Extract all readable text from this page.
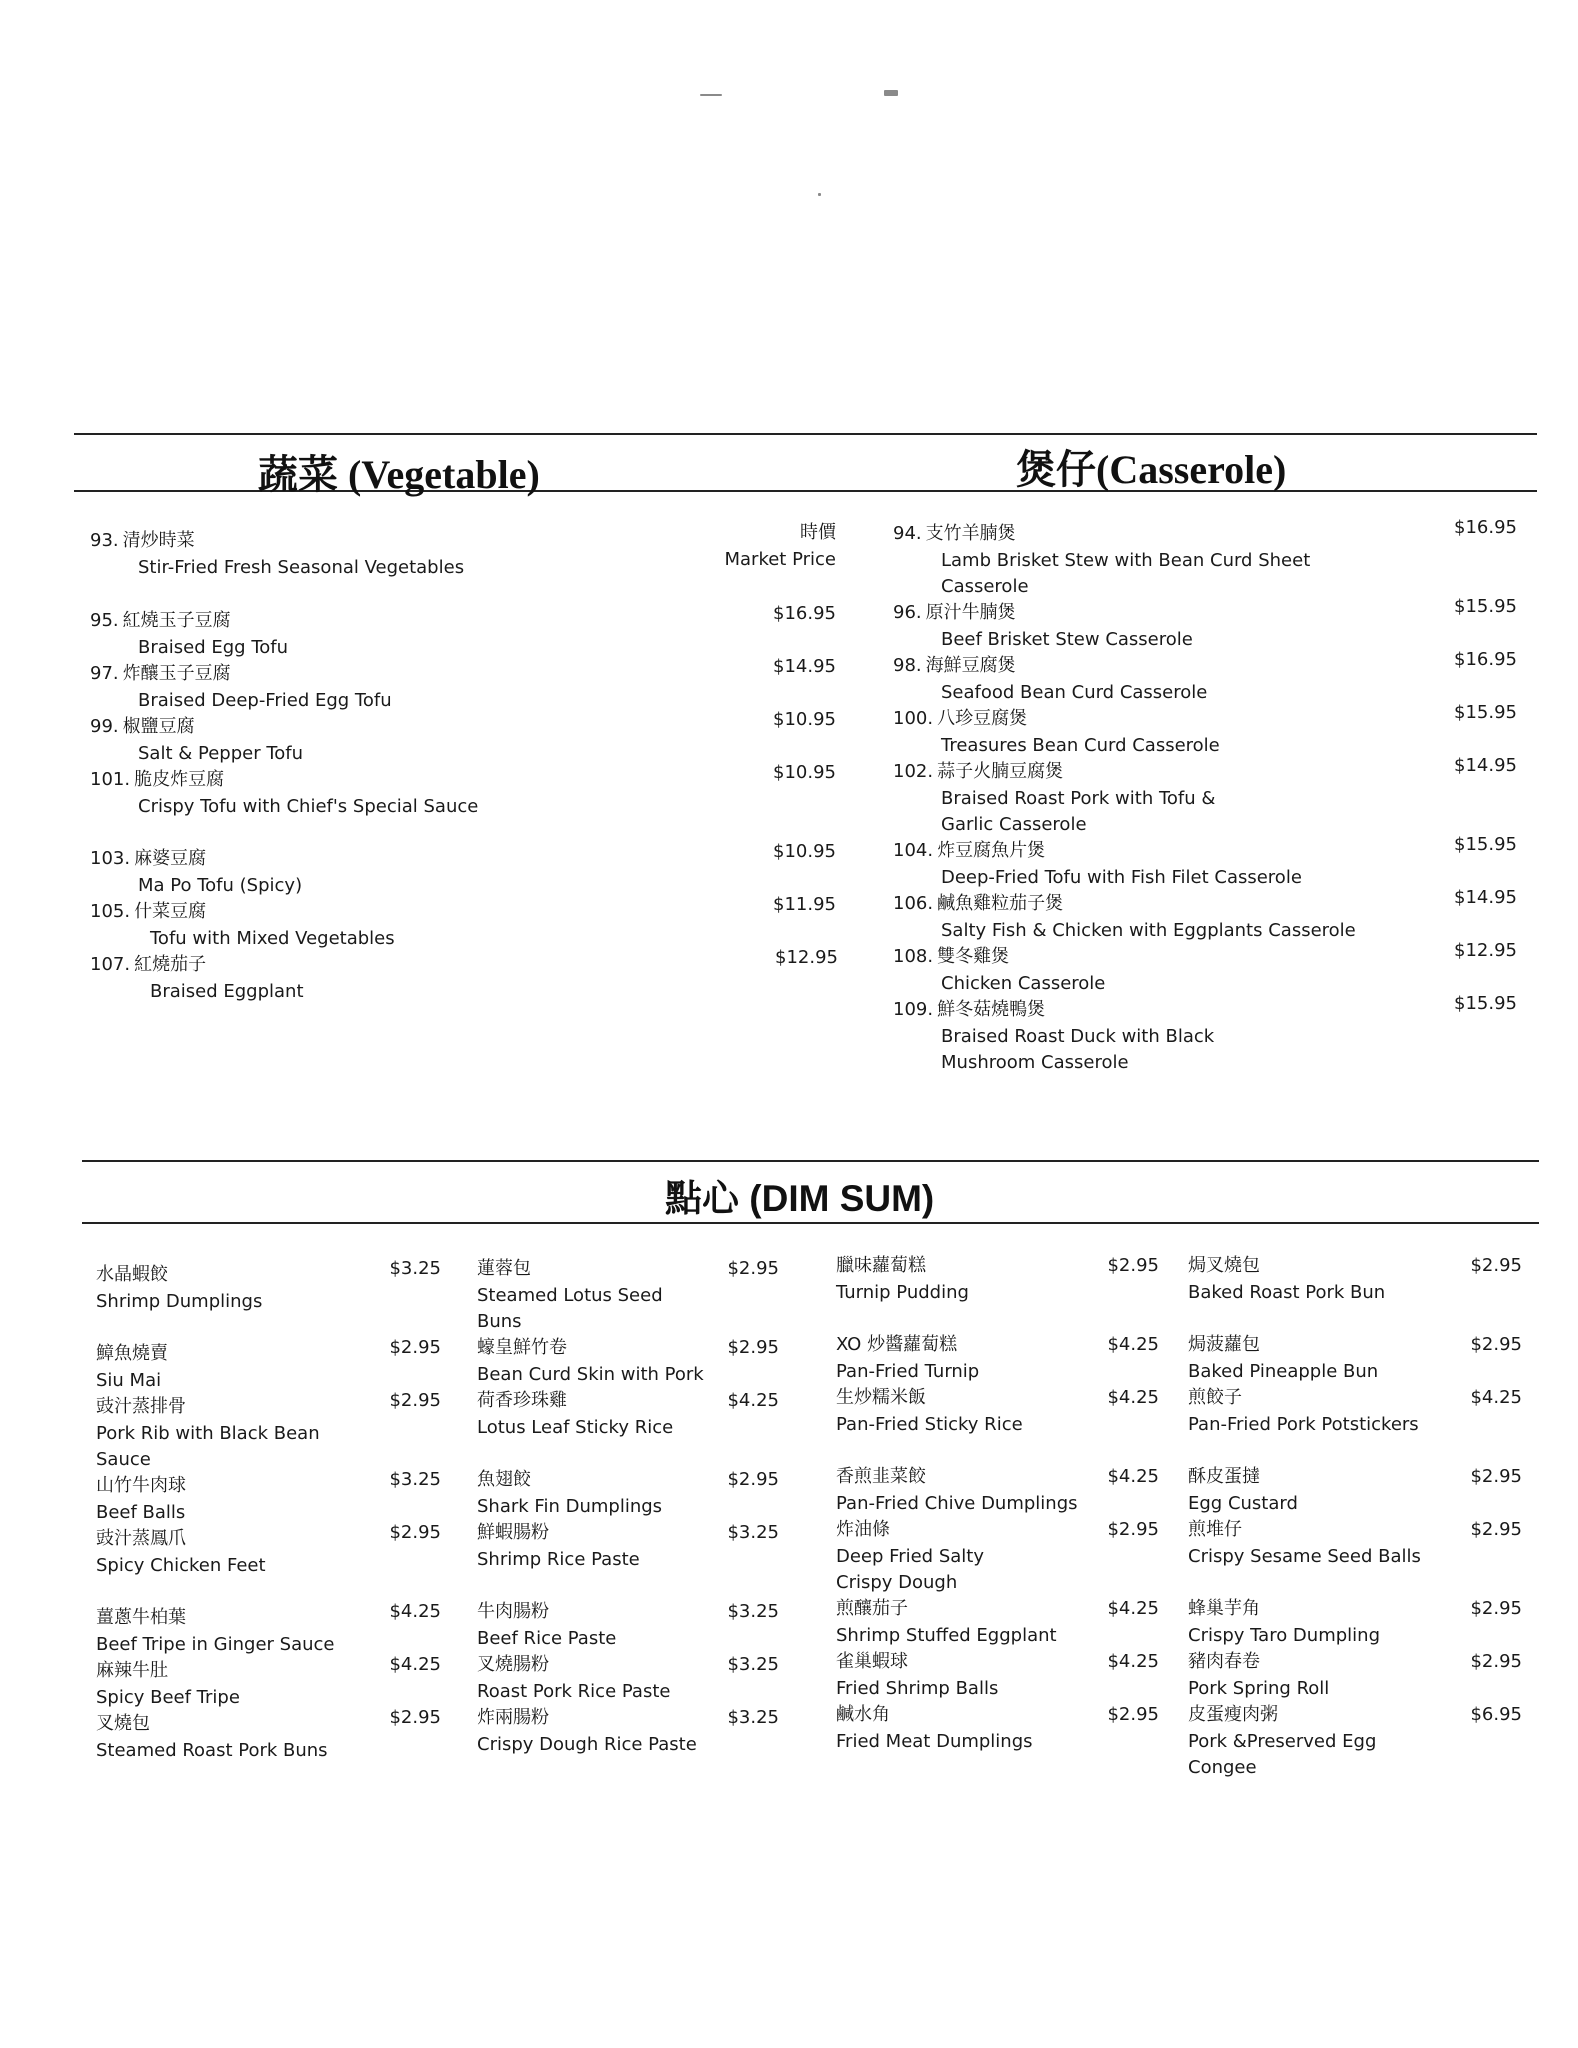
蔬菜 (Vegetable)	煲仔(Casserole)
93. 清炒時菜
Stir-Fried Fresh Seasonal Vegetables
時價
Market Price
95. 紅燒玉子豆腐
Braised Egg Tofu
$16.95
97. 炸釀玉子豆腐
Braised Deep-Fried Egg Tofu
$14.95
99. 椒鹽豆腐
Salt & Pepper Tofu
$10.95
101. 脆皮炸豆腐
Crispy Tofu with Chief's Special Sauce
$10.95
103. 麻婆豆腐
Ma Po Tofu (Spicy)
$10.95
105. 什菜豆腐
Tofu with Mixed Vegetables
$11.95
107. 紅燒茄子
Braised Eggplant
$12.95
94. 支竹羊腩煲
Lamb Brisket Stew with Bean Curd Sheet Casserole
$16.95
96. 原汁牛腩煲
Beef Brisket Stew Casserole
$15.95
98. 海鮮豆腐煲
Seafood Bean Curd Casserole
$16.95
100. 八珍豆腐煲
Treasures Bean Curd Casserole
$15.95
102. 蒜子火腩豆腐煲
Braised Roast Pork with Tofu & Garlic Casserole
$14.95
104. 炸豆腐魚片煲
Deep-Fried Tofu with Fish Filet Casserole
$15.95
106. 鹹魚雞粒茄子煲
Salty Fish & Chicken with Eggplants Casserole
$14.95
108. 雙冬雞煲
Chicken Casserole
$12.95
109. 鮮冬菇燒鴨煲
Braised Roast Duck with Black Mushroom Casserole
$15.95
點心 (DIM SUM)
水晶蝦餃
Shrimp Dumplings
$3.25
鱆魚燒賣
Siu Mai
$2.95
豉汁蒸排骨
Pork Rib with Black Bean Sauce
$2.95
山竹牛肉球
Beef Balls
$3.25
豉汁蒸鳳爪
Spicy Chicken Feet
$2.95
薑蔥牛柏葉
Beef Tripe in Ginger Sauce
$4.25
麻辣牛肚
Spicy Beef Tripe
$4.25
叉燒包
Steamed Roast Pork Buns
$2.95
蓮蓉包
Steamed Lotus Seed Buns
$2.95
蠔皇鮮竹卷
Bean Curd Skin with Pork
$2.95
荷香珍珠雞
Lotus Leaf Sticky Rice
$4.25
魚翅餃
Shark Fin Dumplings
$2.95
鮮蝦腸粉
Shrimp Rice Paste
$3.25
牛肉腸粉
Beef Rice Paste
$3.25
叉燒腸粉
Roast Pork Rice Paste
$3.25
炸兩腸粉
Crispy Dough Rice Paste
$3.25
臘味蘿蔔糕
Turnip Pudding
$2.95
XO 炒醬蘿蔔糕
Pan-Fried Turnip
$4.25
生炒糯米飯
Pan-Fried Sticky Rice
$4.25
香煎韭菜餃
Pan-Fried Chive Dumplings
$4.25
炸油條
Deep Fried Salty Crispy Dough
$2.95
煎釀茄子
Shrimp Stuffed Eggplant
$4.25
雀巢蝦球
Fried Shrimp Balls
$4.25
鹹水角
Fried Meat Dumplings
$2.95
焗叉燒包
Baked Roast Pork Bun
$2.95
焗菠蘿包
Baked Pineapple Bun
$2.95
煎餃子
Pan-Fried Pork Potstickers
$4.25
酥皮蛋撻
Egg Custard
$2.95
煎堆仔
Crispy Sesame Seed Balls
$2.95
蜂巢芋角
Crispy Taro Dumpling
$2.95
豬肉春卷
Pork Spring Roll
$2.95
皮蛋瘦肉粥
Pork &Preserved Egg Congee
$6.95
